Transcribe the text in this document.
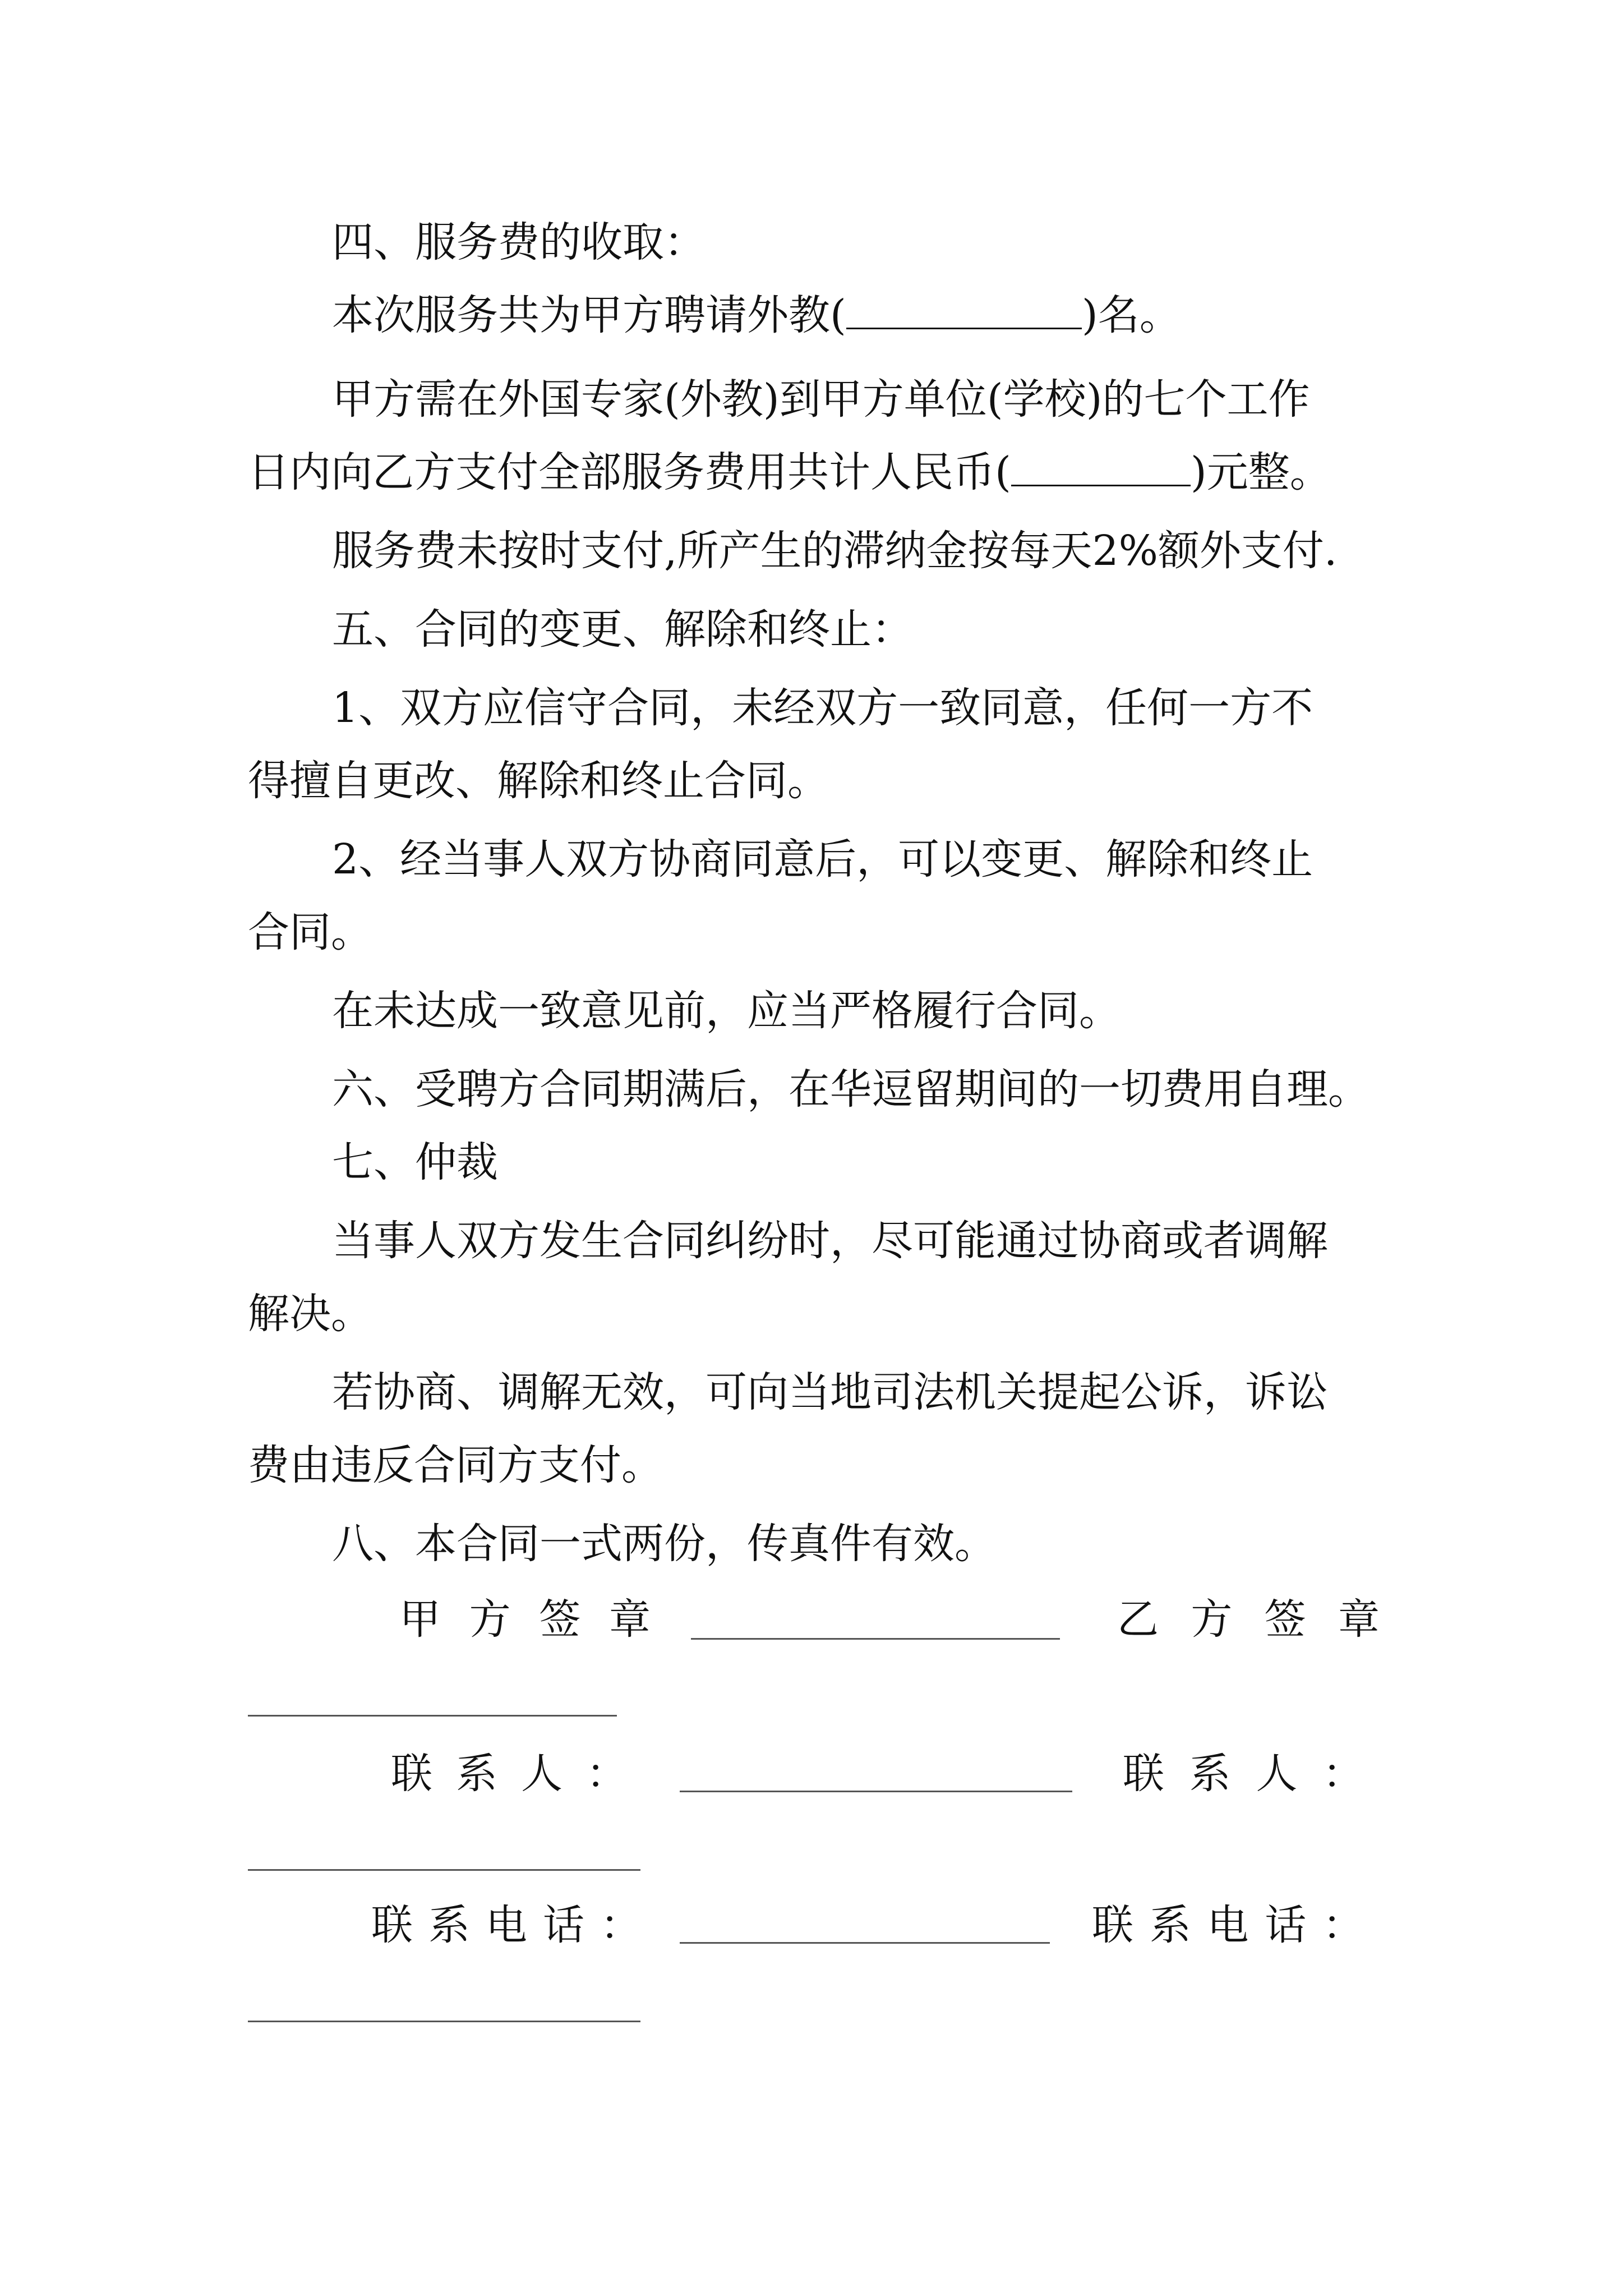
四、服务费的收取：
本次服务共为甲方聘请外教(	)名。
甲方需在外国专家(外教)到甲方单位(学校)的七个工作
日内向乙方支付全部服务费用共计人民币(	)元整。
服务费未按时支付,所产生的滞纳金按每天2%额外支付.
五、合同的变更、解除和终止：
1、双方应信守合同，未经双方一致同意，任何一方不
得擅自更改、解除和终止合同。
2、经当事人双方协商同意后，可以变更、解除和终止
合同。
在未达成一致意见前，应当严格履行合同。
六、受聘方合同期满后，在华逗留期间的一切费用自理。
七、仲裁
当事人双方发生合同纠纷时，尽可能通过协商或者调解
解决。
若协商、调解无效，可向当地司法机关提起公诉，诉讼
费由违反合同方支付。
八、本合同一式两份，传真件有效。
甲 方 签 章	乙 方 签 章
联 系 人 ：	联 系 人 ：
联 系 电 话 ：	联 系 电 话 ：
